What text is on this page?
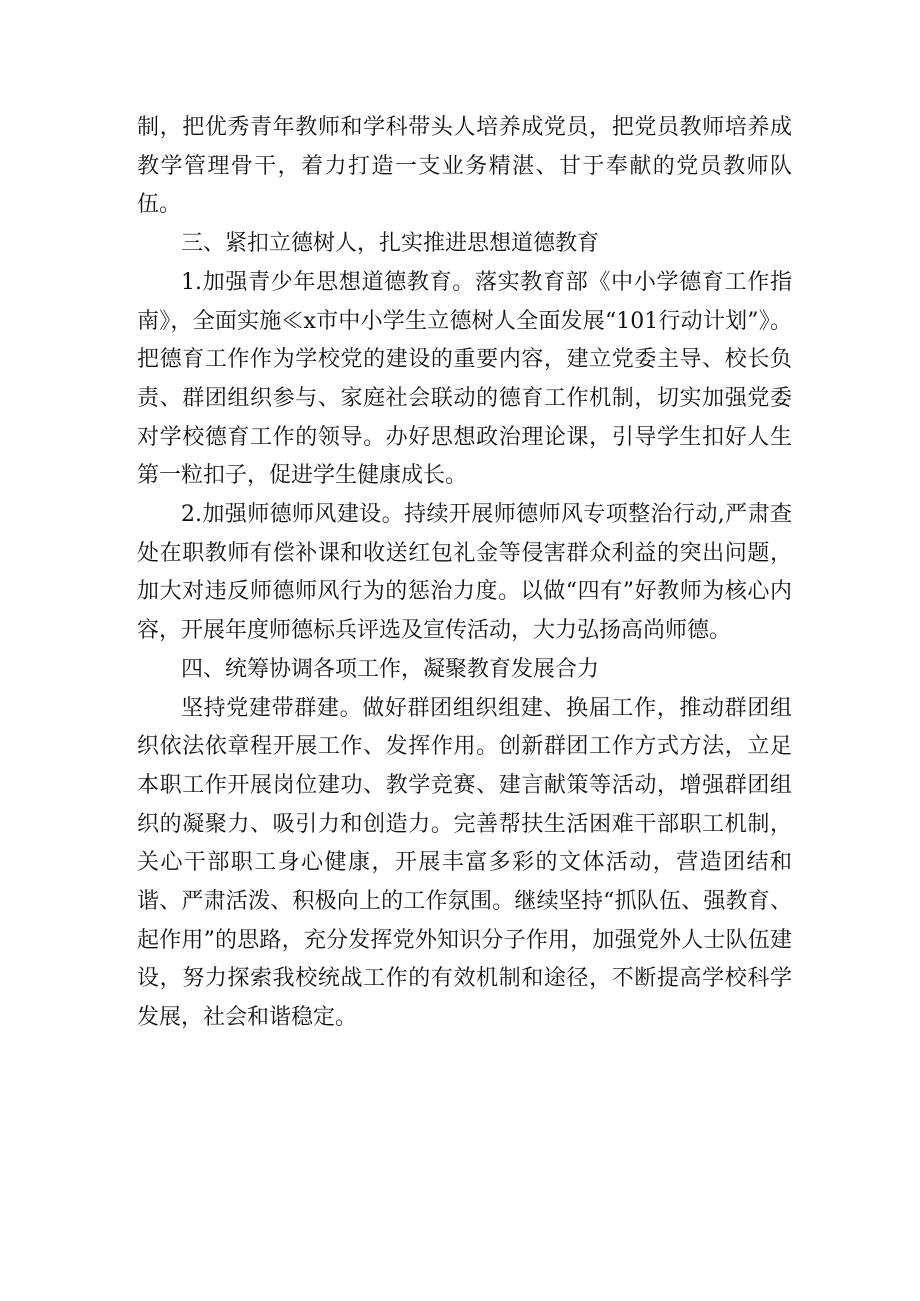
制，把优秀青年教师和学科带头人培养成党员，把党员教师培养成教学管理骨干，着力打造一支业务精湛、甘于奉献的党员教师队伍。

三、紧扣立德树人，扎实推进思想道德教育

1.加强青少年思想道德教育。落实教育部《中小学德育工作指南》，全面实施≪x市中小学生立德树人全面发展“101行动计划”》。把德育工作作为学校党的建设的重要内容，建立党委主导、校长负责、群团组织参与、家庭社会联动的德育工作机制，切实加强党委对学校德育工作的领导。办好思想政治理论课，引导学生扣好人生第一粒扣子，促进学生健康成长。

2.加强师德师风建设。持续开展师德师风专项整治行动,严肃查处在职教师有偿补课和收送红包礼金等侵害群众利益的突出问题，加大对违反师德师风行为的惩治力度。以做“四有”好教师为核心内容，开展年度师德标兵评选及宣传活动，大力弘扬高尚师德。

四、统筹协调各项工作，凝聚教育发展合力

坚持党建带群建。做好群团组织组建、换届工作，推动群团组织依法依章程开展工作、发挥作用。创新群团工作方式方法，立足本职工作开展岗位建功、教学竞赛、建言献策等活动，增强群团组织的凝聚力、吸引力和创造力。完善帮扶生活困难干部职工机制，关心干部职工身心健康，开展丰富多彩的文体活动，营造团结和谐、严肃活泼、积极向上的工作氛围。继续坚持“抓队伍、强教育、起作用”的思路，充分发挥党外知识分子作用，加强党外人士队伍建设，努力探索我校统战工作的有效机制和途径，不断提高学校科学发展，社会和谐稳定。
